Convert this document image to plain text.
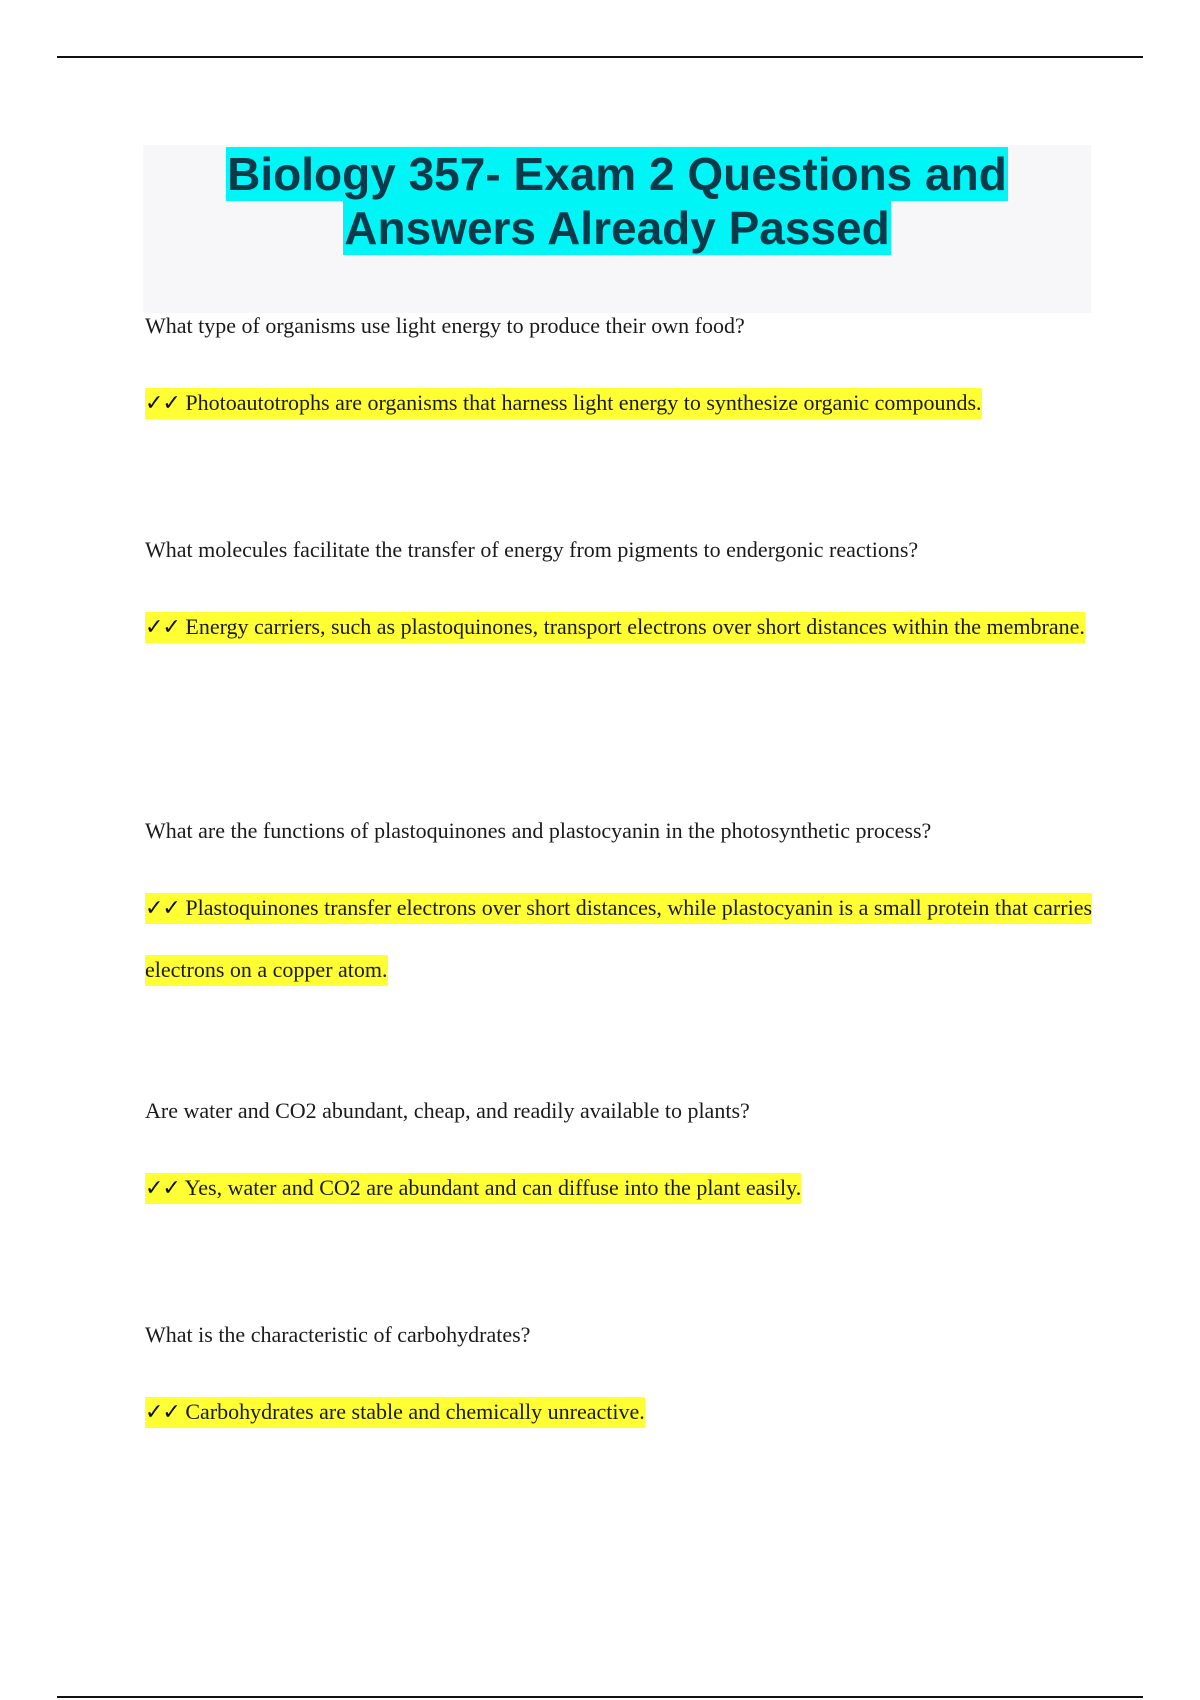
Biology 357- Exam 2 Questions and
Answers Already Passed

What type of organisms use light energy to produce their own food?

✓✓ Photoautotrophs are organisms that harness light energy to synthesize organic compounds.

What molecules facilitate the transfer of energy from pigments to endergonic reactions?

✓✓ Energy carriers, such as plastoquinones, transport electrons over short distances within the membrane.

What are the functions of plastoquinones and plastocyanin in the photosynthetic process?

✓✓ Plastoquinones transfer electrons over short distances, while plastocyanin is a small protein that carries electrons on a copper atom.

Are water and CO2 abundant, cheap, and readily available to plants?

✓✓ Yes, water and CO2 are abundant and can diffuse into the plant easily.

What is the characteristic of carbohydrates?

✓✓ Carbohydrates are stable and chemically unreactive.
